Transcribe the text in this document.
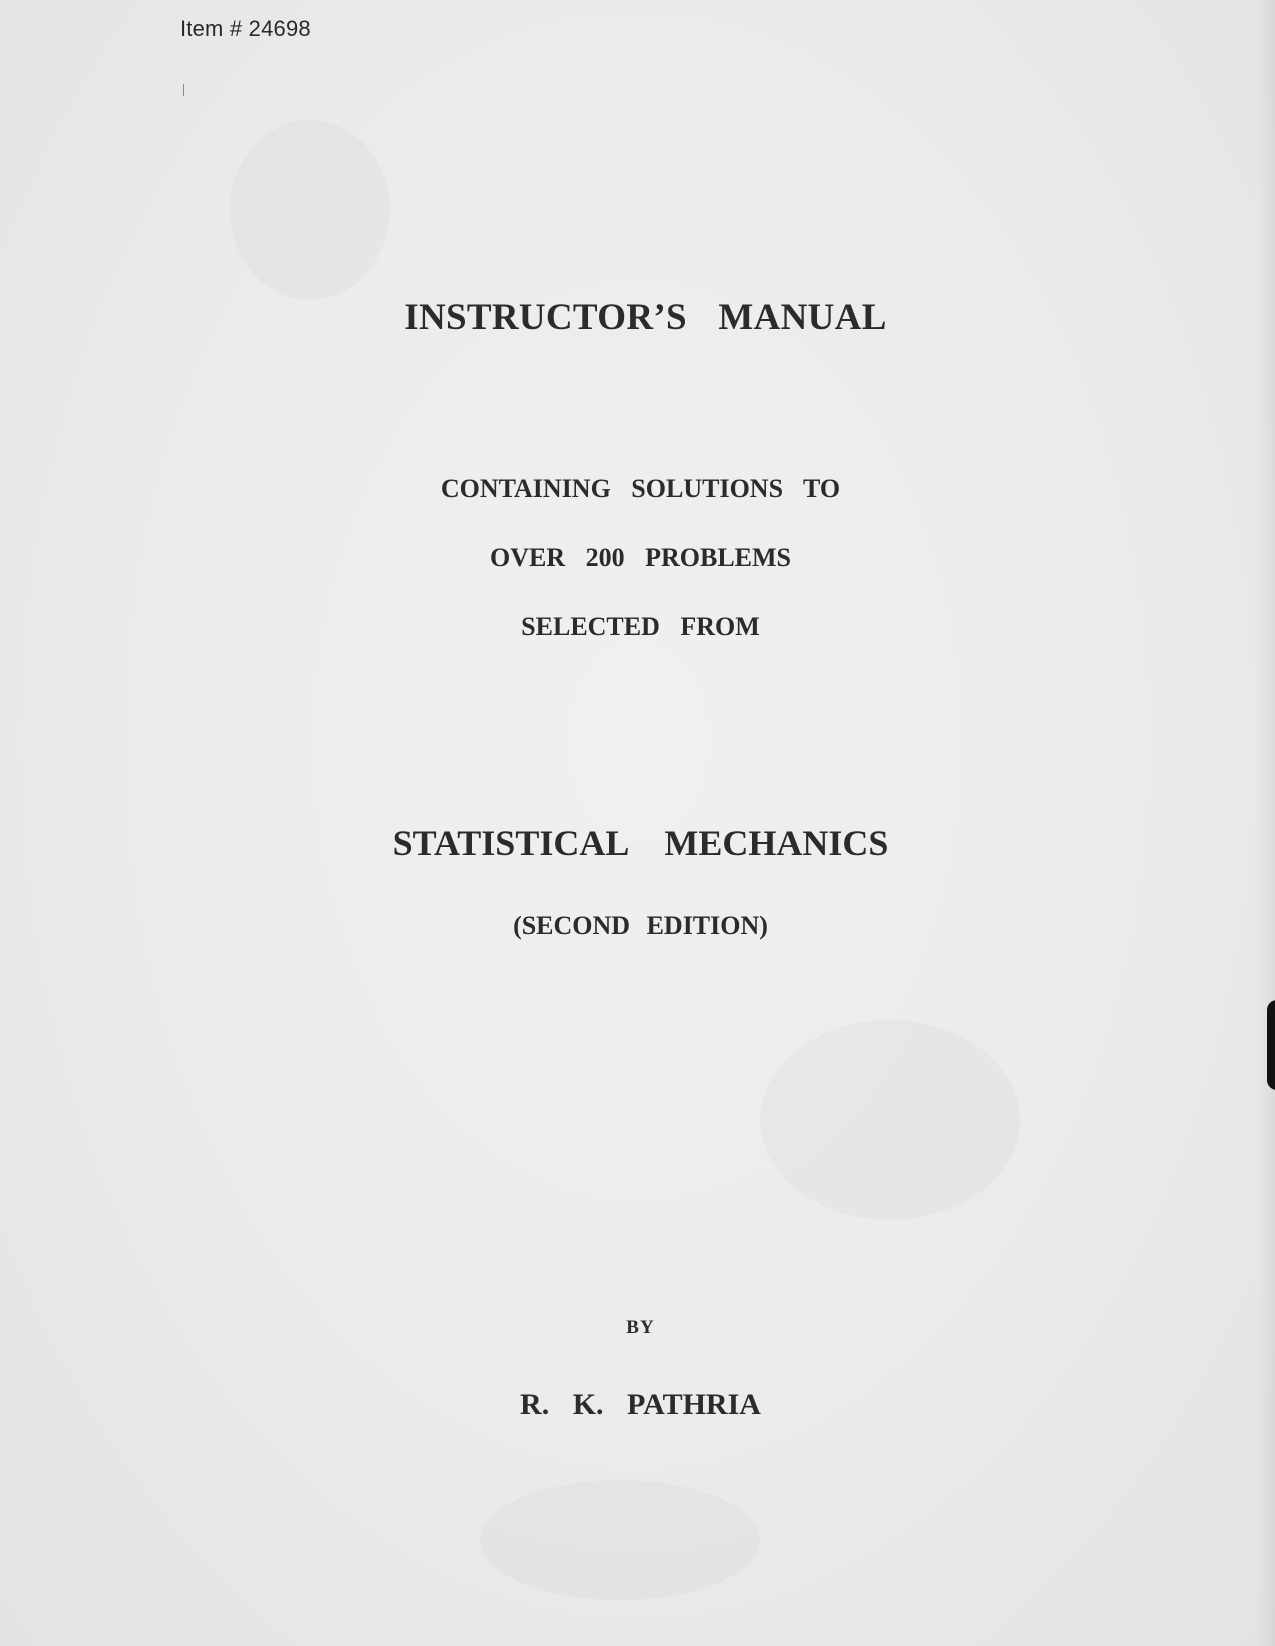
Item # 24698
INSTRUCTOR’S MANUAL
CONTAINING SOLUTIONS TO
OVER 200 PROBLEMS
SELECTED FROM
STATISTICAL MECHANICS
(SECOND EDITION)
BY
R. K. PATHRIA
